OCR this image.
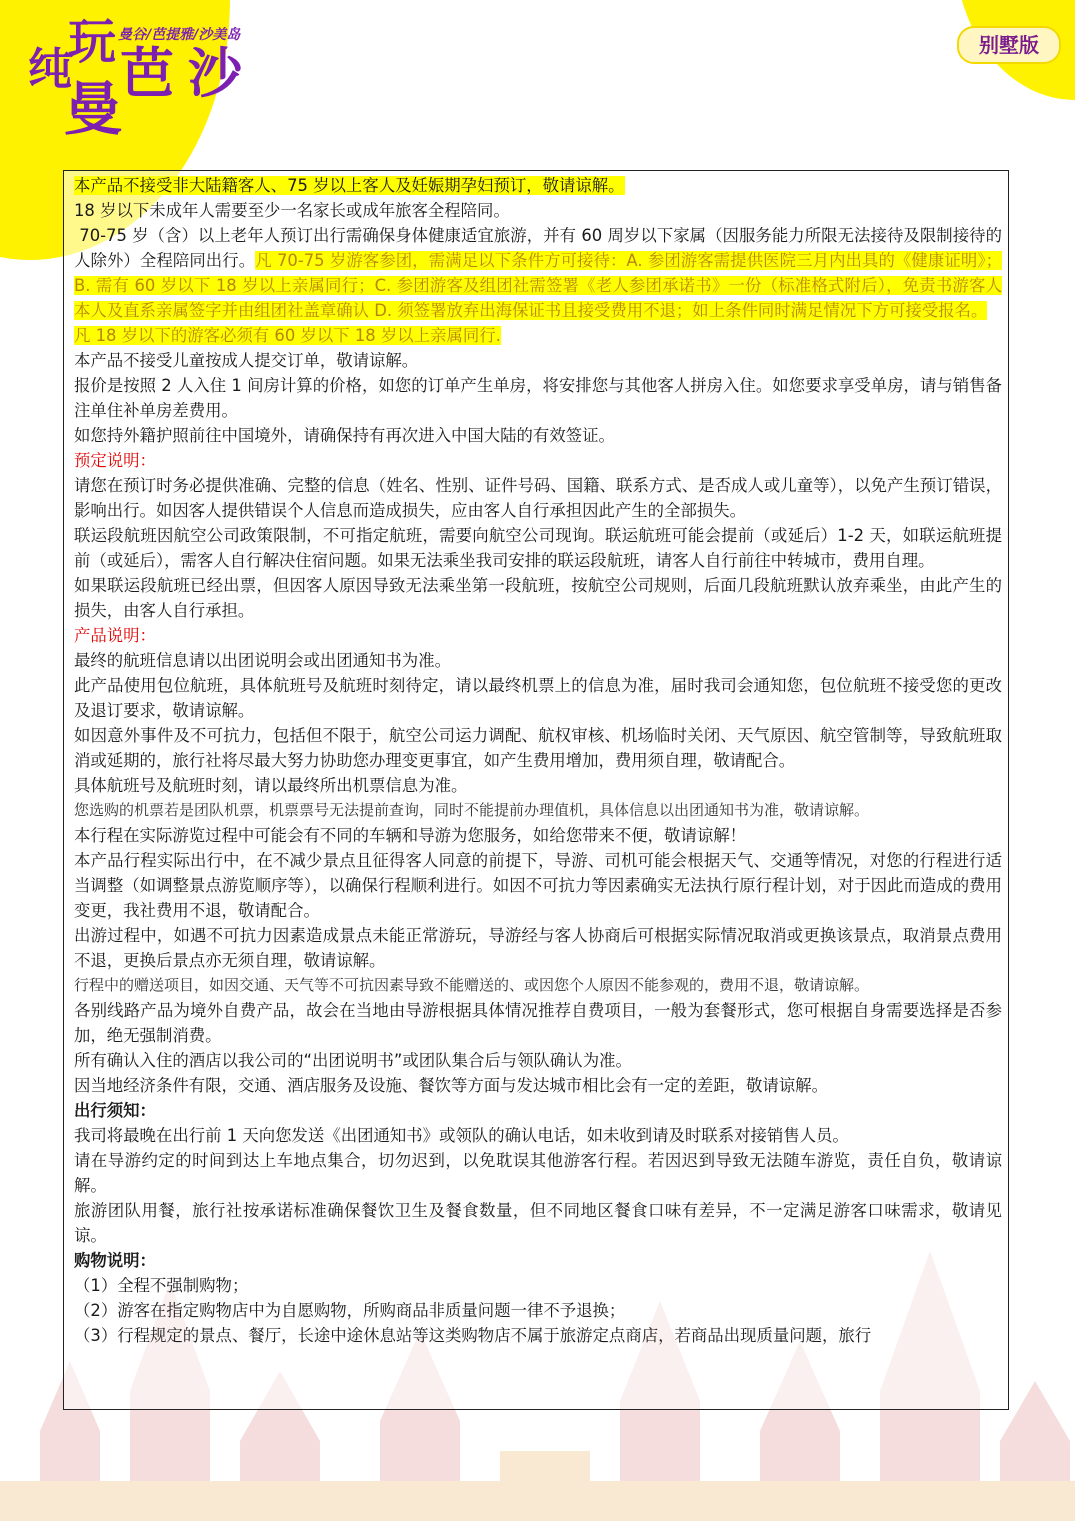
纯
玩
曼
芭 沙
曼谷/芭提雅/沙美岛	别墅版
本产品不接受非大陆籍客人、75 岁以上客人及妊娠期孕妇预订，敬请谅解。
18 岁以下未成年人需要至少一名家长或成年旅客全程陪同。
70-75 岁（含）以上老年人预订出行需确保身体健康适宜旅游，并有 60 周岁以下家属（因服务能力所限无法接待及限制接待的人除外）全程陪同出行。凡 70-75 岁游客参团，需满足以下条件方可接待：A. 参团游客需提供医院三月内出具的《健康证明》；B. 需有 60 岁以下 18 岁以上亲属同行；C. 参团游客及组团社需签署《老人参团承诺书》一份（标准格式附后），免责书游客人本人及直系亲属签字并由组团社盖章确认 D. 须签署放弃出海保证书且接受费用不退；如上条件同时满足情况下方可接受报名。
凡 18 岁以下的游客必须有 60 岁以下 18 岁以上亲属同行.
本产品不接受儿童按成人提交订单，敬请谅解。
报价是按照 2 人入住 1 间房计算的价格，如您的订单产生单房，将安排您与其他客人拼房入住。如您要求享受单房，请与销售备注单住补单房差费用。
如您持外籍护照前往中国境外，请确保持有再次进入中国大陆的有效签证。
预定说明：
请您在预订时务必提供准确、完整的信息（姓名、性别、证件号码、国籍、联系方式、是否成人或儿童等），以免产生预订错误，影响出行。如因客人提供错误个人信息而造成损失，应由客人自行承担因此产生的全部损失。
联运段航班因航空公司政策限制，不可指定航班，需要向航空公司现询。联运航班可能会提前（或延后）1-2 天，如联运航班提前（或延后），需客人自行解决住宿问题。如果无法乘坐我司安排的联运段航班，请客人自行前往中转城市，费用自理。
如果联运段航班已经出票，但因客人原因导致无法乘坐第一段航班，按航空公司规则，后面几段航班默认放弃乘坐，由此产生的损失，由客人自行承担。
产品说明：
最终的航班信息请以出团说明会或出团通知书为准。
此产品使用包位航班，具体航班号及航班时刻待定，请以最终机票上的信息为准，届时我司会通知您，包位航班不接受您的更改及退订要求，敬请谅解。
如因意外事件及不可抗力，包括但不限于，航空公司运力调配、航权审核、机场临时关闭、天气原因、航空管制等，导致航班取消或延期的，旅行社将尽最大努力协助您办理变更事宜，如产生费用增加，费用须自理，敬请配合。
具体航班号及航班时刻，请以最终所出机票信息为准。
您选购的机票若是团队机票，机票票号无法提前查询，同时不能提前办理值机，具体信息以出团通知书为准，敬请谅解。
本行程在实际游览过程中可能会有不同的车辆和导游为您服务，如给您带来不便，敬请谅解！
本产品行程实际出行中，在不减少景点且征得客人同意的前提下，导游、司机可能会根据天气、交通等情况，对您的行程进行适当调整（如调整景点游览顺序等），以确保行程顺利进行。如因不可抗力等因素确实无法执行原行程计划，对于因此而造成的费用变更，我社费用不退，敬请配合。
出游过程中，如遇不可抗力因素造成景点未能正常游玩，导游经与客人协商后可根据实际情况取消或更换该景点，取消景点费用不退，更换后景点亦无须自理，敬请谅解。
行程中的赠送项目，如因交通、天气等不可抗因素导致不能赠送的、或因您个人原因不能参观的，费用不退，敬请谅解。
各别线路产品为境外自费产品，故会在当地由导游根据具体情况推荐自费项目，一般为套餐形式，您可根据自身需要选择是否参加，绝无强制消费。
所有确认入住的酒店以我公司的“出团说明书”或团队集合后与领队确认为准。
因当地经济条件有限，交通、酒店服务及设施、餐饮等方面与发达城市相比会有一定的差距，敬请谅解。
出行须知：
我司将最晚在出行前 1 天向您发送《出团通知书》或领队的确认电话，如未收到请及时联系对接销售人员。
请在导游约定的时间到达上车地点集合，切勿迟到，以免耽误其他游客行程。若因迟到导致无法随车游览，责任自负，敬请谅解。
旅游团队用餐，旅行社按承诺标准确保餐饮卫生及餐食数量，但不同地区餐食口味有差异，不一定满足游客口味需求，敬请见谅。
购物说明：
（1）全程不强制购物；
（2）游客在指定购物店中为自愿购物，所购商品非质量问题一律不予退换；
（3）行程规定的景点、餐厅，长途中途休息站等这类购物店不属于旅游定点商店，若商品出现质量问题，旅行
